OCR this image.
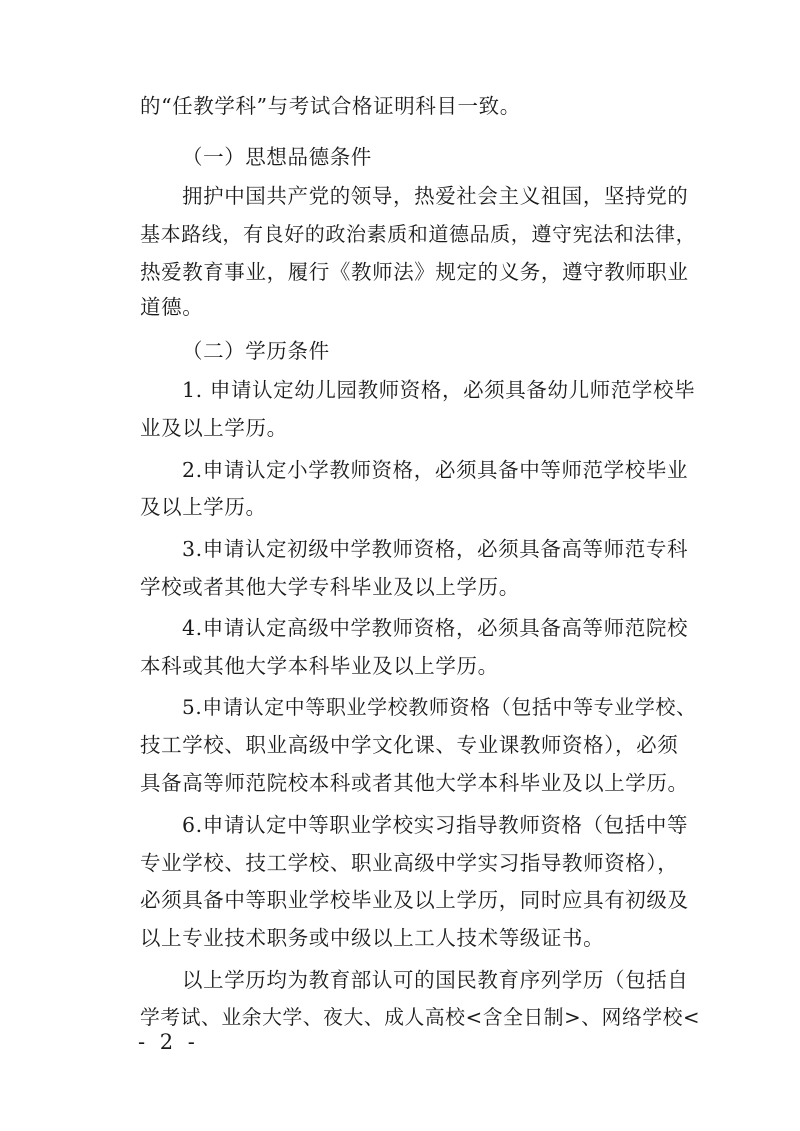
的“任教学科”与考试合格证明科目一致。
（一）思想品德条件
拥护中国共产党的领导，热爱社会主义祖国，坚持党的
基本路线，有良好的政治素质和道德品质，遵守宪法和法律，
热爱教育事业，履行《教师法》规定的义务，遵守教师职业
道德。
（二）学历条件
1. 申请认定幼儿园教师资格，必须具备幼儿师范学校毕
业及以上学历。
2.申请认定小学教师资格，必须具备中等师范学校毕业
及以上学历。
3.申请认定初级中学教师资格，必须具备高等师范专科
学校或者其他大学专科毕业及以上学历。
4.申请认定高级中学教师资格，必须具备高等师范院校
本科或其他大学本科毕业及以上学历。
5.申请认定中等职业学校教师资格（包括中等专业学校、
技工学校、职业高级中学文化课、专业课教师资格），必须
具备高等师范院校本科或者其他大学本科毕业及以上学历。
6.申请认定中等职业学校实习指导教师资格（包括中等
专业学校、技工学校、职业高级中学实习指导教师资格），
必须具备中等职业学校毕业及以上学历，同时应具有初级及
以上专业技术职务或中级以上工人技术等级证书。
以上学历均为教育部认可的国民教育序列学历（包括自
学考试、业余大学、夜大、成人高校<含全日制>、网络学校<
- 2 -
